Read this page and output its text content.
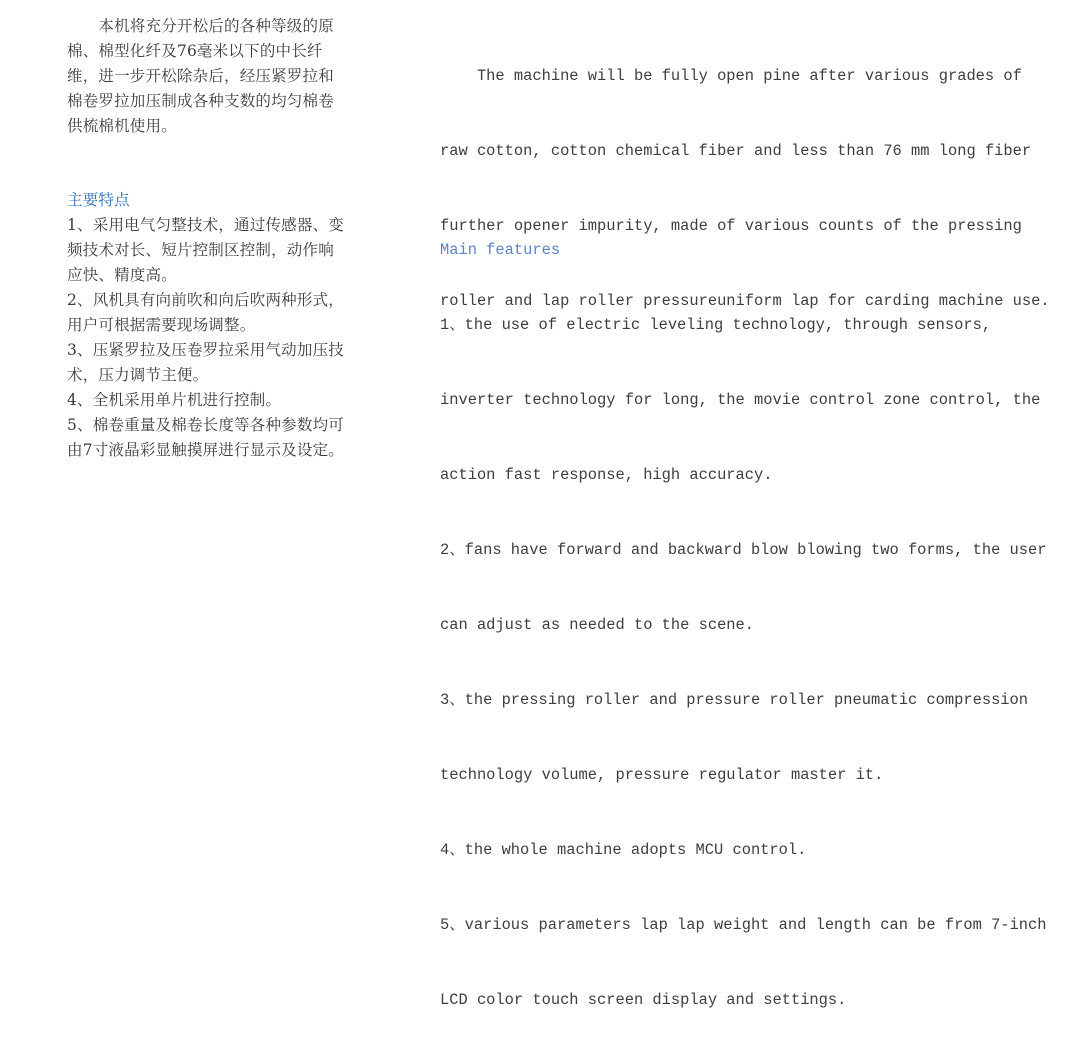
　　本机将充分开松后的各种等级的原
棉、棉型化纤及76毫米以下的中长纤
维，进一步开松除杂后，经压紧罗拉和
棉卷罗拉加压制成各种支数的均匀棉卷
供梳棉机使用。

The machine will be fully open pine after various grades of

raw cotton, cotton chemical fiber and less than 76 mm long fiber

further opener impurity, made of various counts of the pressing

roller and lap roller pressureuniform lap for carding machine use.

主要特点
1、采用电气匀整技术，通过传感器、变
频技术对长、短片控制区控制，动作响
应快、精度高。
2、风机具有向前吹和向后吹两种形式，
用户可根据需要现场调整。
3、压紧罗拉及压卷罗拉采用气动加压技
术，压力调节主便。
4、全机采用单片机进行控制。
5、棉卷重量及棉卷长度等各种参数均可
由7寸液晶彩显触摸屏进行显示及设定。

Main features

1、the use of electric leveling technology, through sensors,

inverter technology for long, the movie control zone control, the

action fast response, high accuracy.

2、fans have forward and backward blow blowing two forms, the user

can adjust as needed to the scene.

3、the pressing roller and pressure roller pneumatic compression

technology volume, pressure regulator master it.

4、the whole machine adopts MCU control.

5、various parameters lap lap weight and length can be from 7-inch

LCD color touch screen display and settings.
